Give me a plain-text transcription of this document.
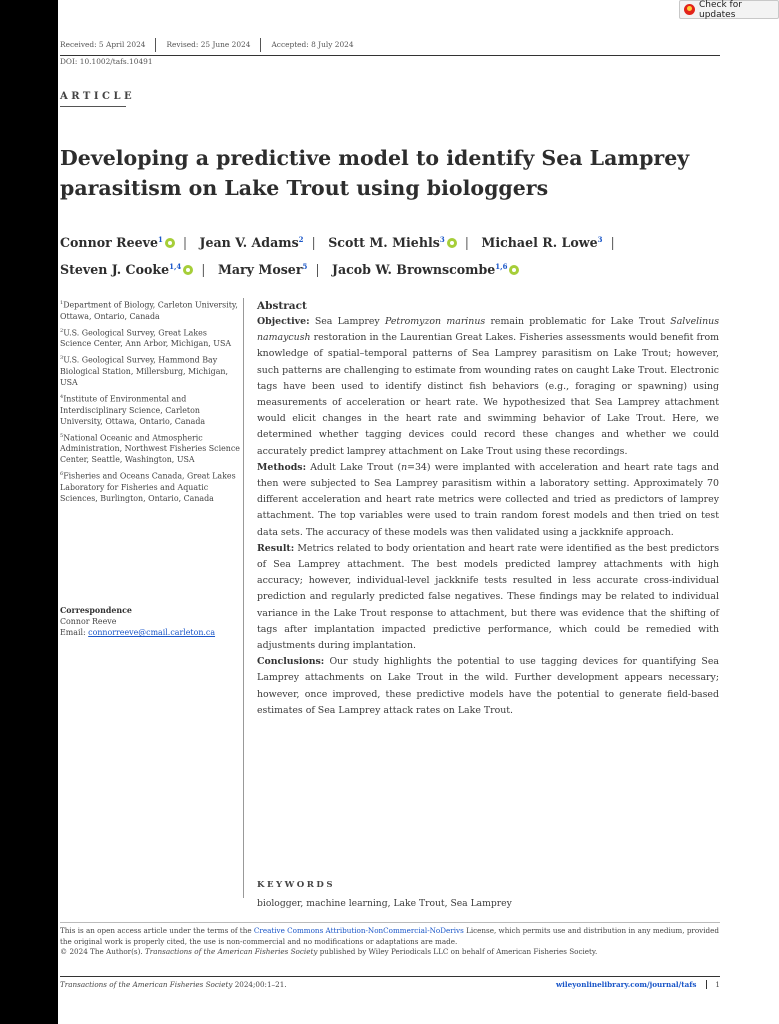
Check for updates
Received: 5 April 2024	Revised: 25 June 2024	Accepted: 8 July 2024
DOI: 10.1002/tafs.10491
ARTICLE
Developing a predictive model to identify Sea Lamprey parasitism on Lake Trout using biologgers
Connor Reeve$^1$ | Jean V. Adams$^2$ | Scott M. Miehls$^3$ | Michael R. Lowe$^3$ |
Steven J. Cooke$^{1,4}$ | Mary Moser$^5$ | Jacob W. Brownscombe$^{1,6}$

$^1$Department of Biology, Carleton University, Ottawa, Ontario, Canada

$^2$U.S. Geological Survey, Great Lakes Science Center, Ann Arbor, Michigan, USA

$^3$U.S. Geological Survey, Hammond Bay Biological Station, Millersburg, Michigan, USA

$^4$Institute of Environmental and Interdisciplinary Science, Carleton University, Ottawa, Ontario, Canada

$^5$National Oceanic and Atmospheric Administration, Northwest Fisheries Science Center, Seattle, Washington, USA

$^6$Fisheries and Oceans Canada, Great Lakes Laboratory for Fisheries and Aquatic Sciences, Burlington, Ontario, Canada

Correspondence
Connor Reeve
Email: connorreeve@cmail.carleton.ca
Abstract

Objective: Sea Lamprey Petromyzon marinus remain problematic for Lake Trout Salvelinus namaycush restoration in the Laurentian Great Lakes. Fisheries assessments would benefit from knowledge of spatial–temporal patterns of Sea Lamprey parasitism on Lake Trout; however, such patterns are challenging to estimate from wounding rates on caught Lake Trout. Electronic tags have been used to identify distinct fish behaviors (e.g., foraging or spawning) using measurements of acceleration or heart rate. We hypothesized that Sea Lamprey attachment would elicit changes in the heart rate and swimming behavior of Lake Trout. Here, we determined whether tagging devices could record these changes and whether we could accurately predict lamprey attachment on Lake Trout using these recordings.

Methods: Adult Lake Trout (n=34) were implanted with acceleration and heart rate tags and then were subjected to Sea Lamprey parasitism within a laboratory setting. Approximately 70 different acceleration and heart rate metrics were collected and tried as predictors of lamprey attachment. The top variables were used to train random forest models and then tried on test data sets. The accuracy of these models was then validated using a jackknife approach.

Result: Metrics related to body orientation and heart rate were identified as the best predictors of Sea Lamprey attachment. The best models predicted lamprey attachments with high accuracy; however, individual-level jackknife tests resulted in less accurate cross-individual prediction and regularly predicted false negatives. These findings may be related to individual variance in the Lake Trout response to attachment, but there was evidence that the shifting of tags after implantation impacted predictive performance, which could be remedied with adjustments during implantation.

Conclusions: Our study highlights the potential to use tagging devices for quantifying Sea Lamprey attachments on Lake Trout in the wild. Further development appears necessary; however, once improved, these predictive models have the potential to generate field-based estimates of Sea Lamprey attack rates on Lake Trout.

KEYWORDS
biologger, machine learning, Lake Trout, Sea Lamprey

This is an open access article under the terms of the Creative Commons Attribution-NonCommercial-NoDerivs License, which permits use and distribution in any medium, provided the original work is properly cited, the use is non-commercial and no modifications or adaptations are made.

© 2024 The Author(s). Transactions of the American Fisheries Society published by Wiley Periodicals LLC on behalf of American Fisheries Society.

Transactions of the American Fisheries Society 2024;00:1–21.	wileyonlinelibrary.com/journal/tafs	1
